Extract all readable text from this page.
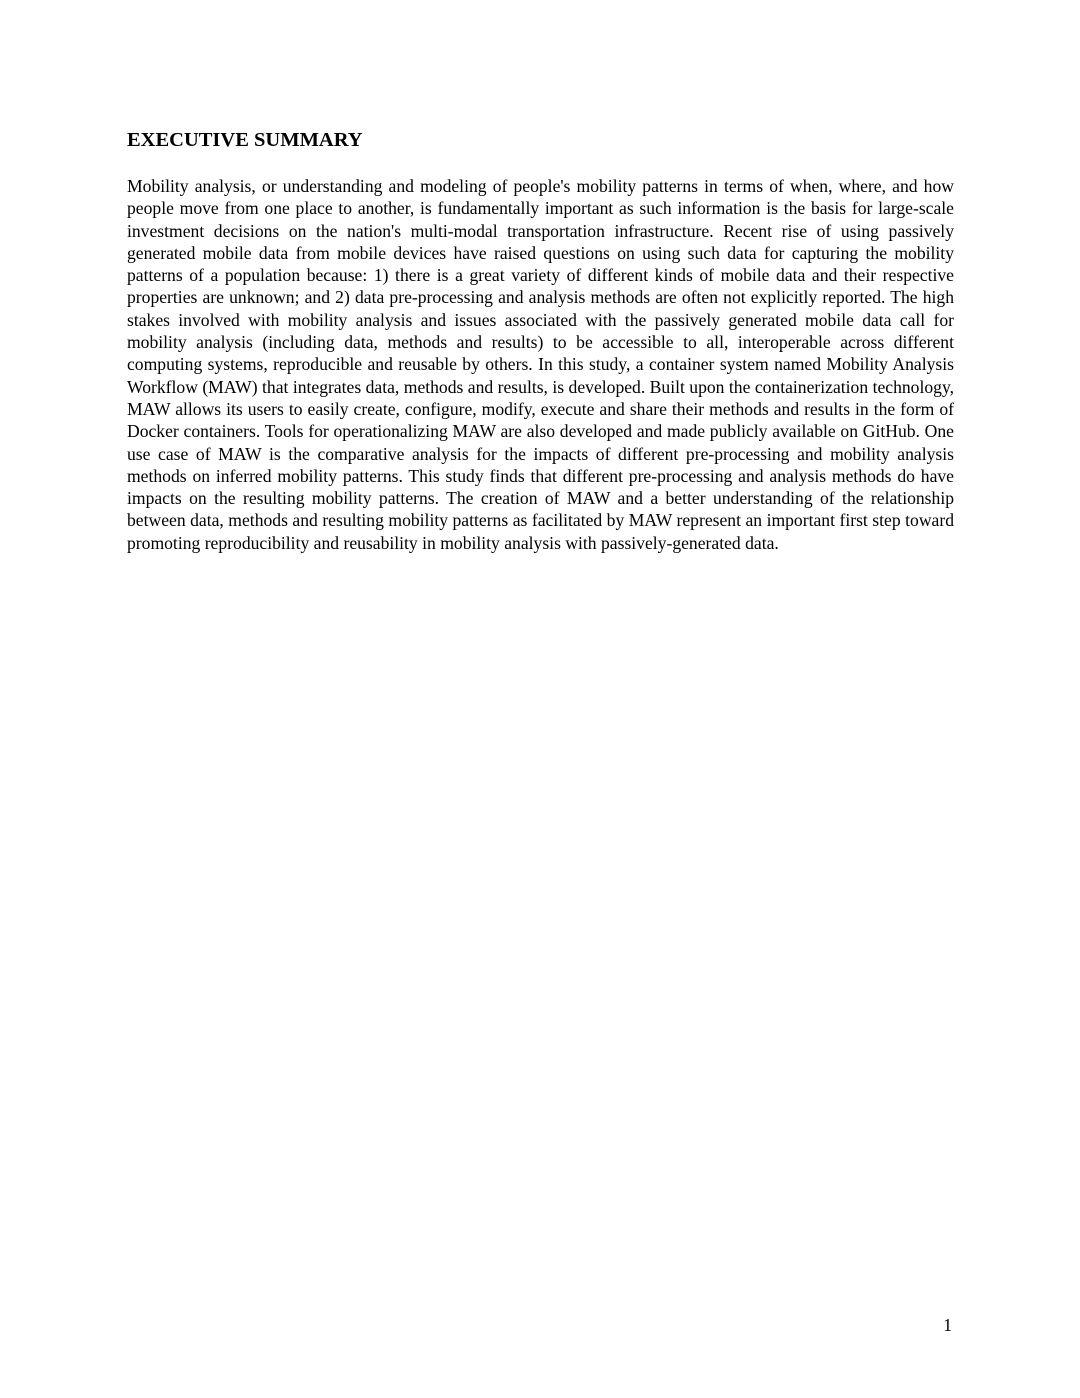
EXECUTIVE SUMMARY

Mobility analysis, or understanding and modeling of people's mobility patterns in terms of when, where, and how people move from one place to another, is fundamentally important as such information is the basis for large-scale investment decisions on the nation's multi-modal transportation infrastructure. Recent rise of using passively generated mobile data from mobile devices have raised questions on using such data for capturing the mobility patterns of a population because: 1) there is a great variety of different kinds of mobile data and their respective properties are unknown; and 2) data pre-processing and analysis methods are often not explicitly reported. The high stakes involved with mobility analysis and issues associated with the passively generated mobile data call for mobility analysis (including data, methods and results) to be accessible to all, interoperable across different computing systems, reproducible and reusable by others. In this study, a container system named Mobility Analysis Workflow (MAW) that integrates data, methods and results, is developed. Built upon the containerization technology, MAW allows its users to easily create, configure, modify, execute and share their methods and results in the form of Docker containers. Tools for operationalizing MAW are also developed and made publicly available on GitHub. One use case of MAW is the comparative analysis for the impacts of different pre-processing and mobility analysis methods on inferred mobility patterns. This study finds that different pre-processing and analysis methods do have impacts on the resulting mobility patterns. The creation of MAW and a better understanding of the relationship between data, methods and resulting mobility patterns as facilitated by MAW represent an important first step toward promoting reproducibility and reusability in mobility analysis with passively-generated data.

1
